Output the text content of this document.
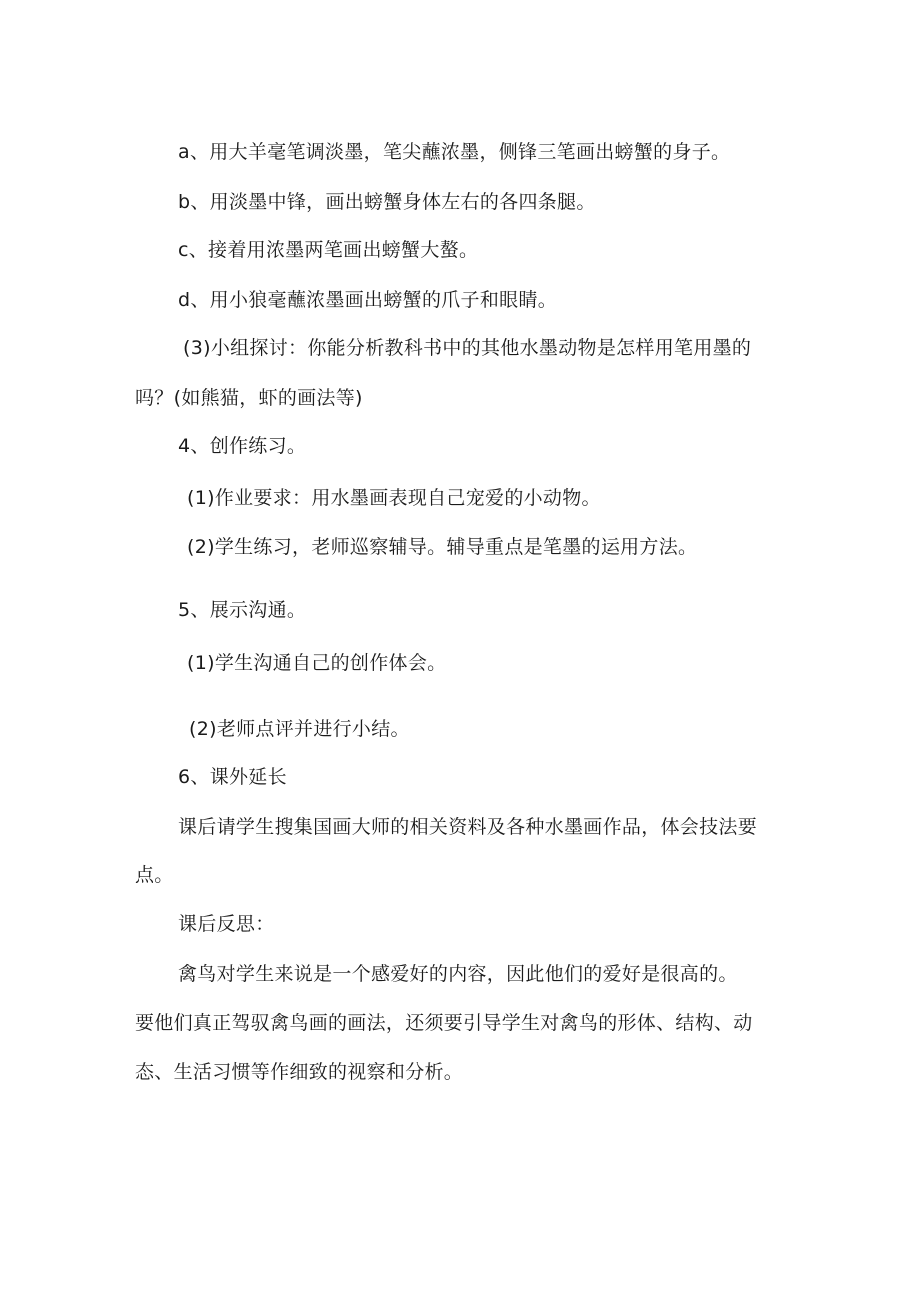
a、用大羊毫笔调淡墨，笔尖蘸浓墨，侧锋三笔画出螃蟹的身子。
b、用淡墨中锋，画出螃蟹身体左右的各四条腿。
c、接着用浓墨两笔画出螃蟹大螯。
d、用小狼毫蘸浓墨画出螃蟹的爪子和眼睛。
(3)小组探讨：你能分析教科书中的其他水墨动物是怎样用笔用墨的
吗？(如熊猫，虾的画法等)
4、创作练习。
(1)作业要求：用水墨画表现自己宠爱的小动物。
(2)学生练习，老师巡察辅导。辅导重点是笔墨的运用方法。
5、展示沟通。
(1)学生沟通自己的创作体会。
(2)老师点评并进行小结。
6、课外延长
课后请学生搜集国画大师的相关资料及各种水墨画作品，体会技法要
点。
课后反思：
禽鸟对学生来说是一个感爱好的内容，因此他们的爱好是很高的。
要他们真正驾驭禽鸟画的画法，还须要引导学生对禽鸟的形体、结构、动
态、生活习惯等作细致的视察和分析。
